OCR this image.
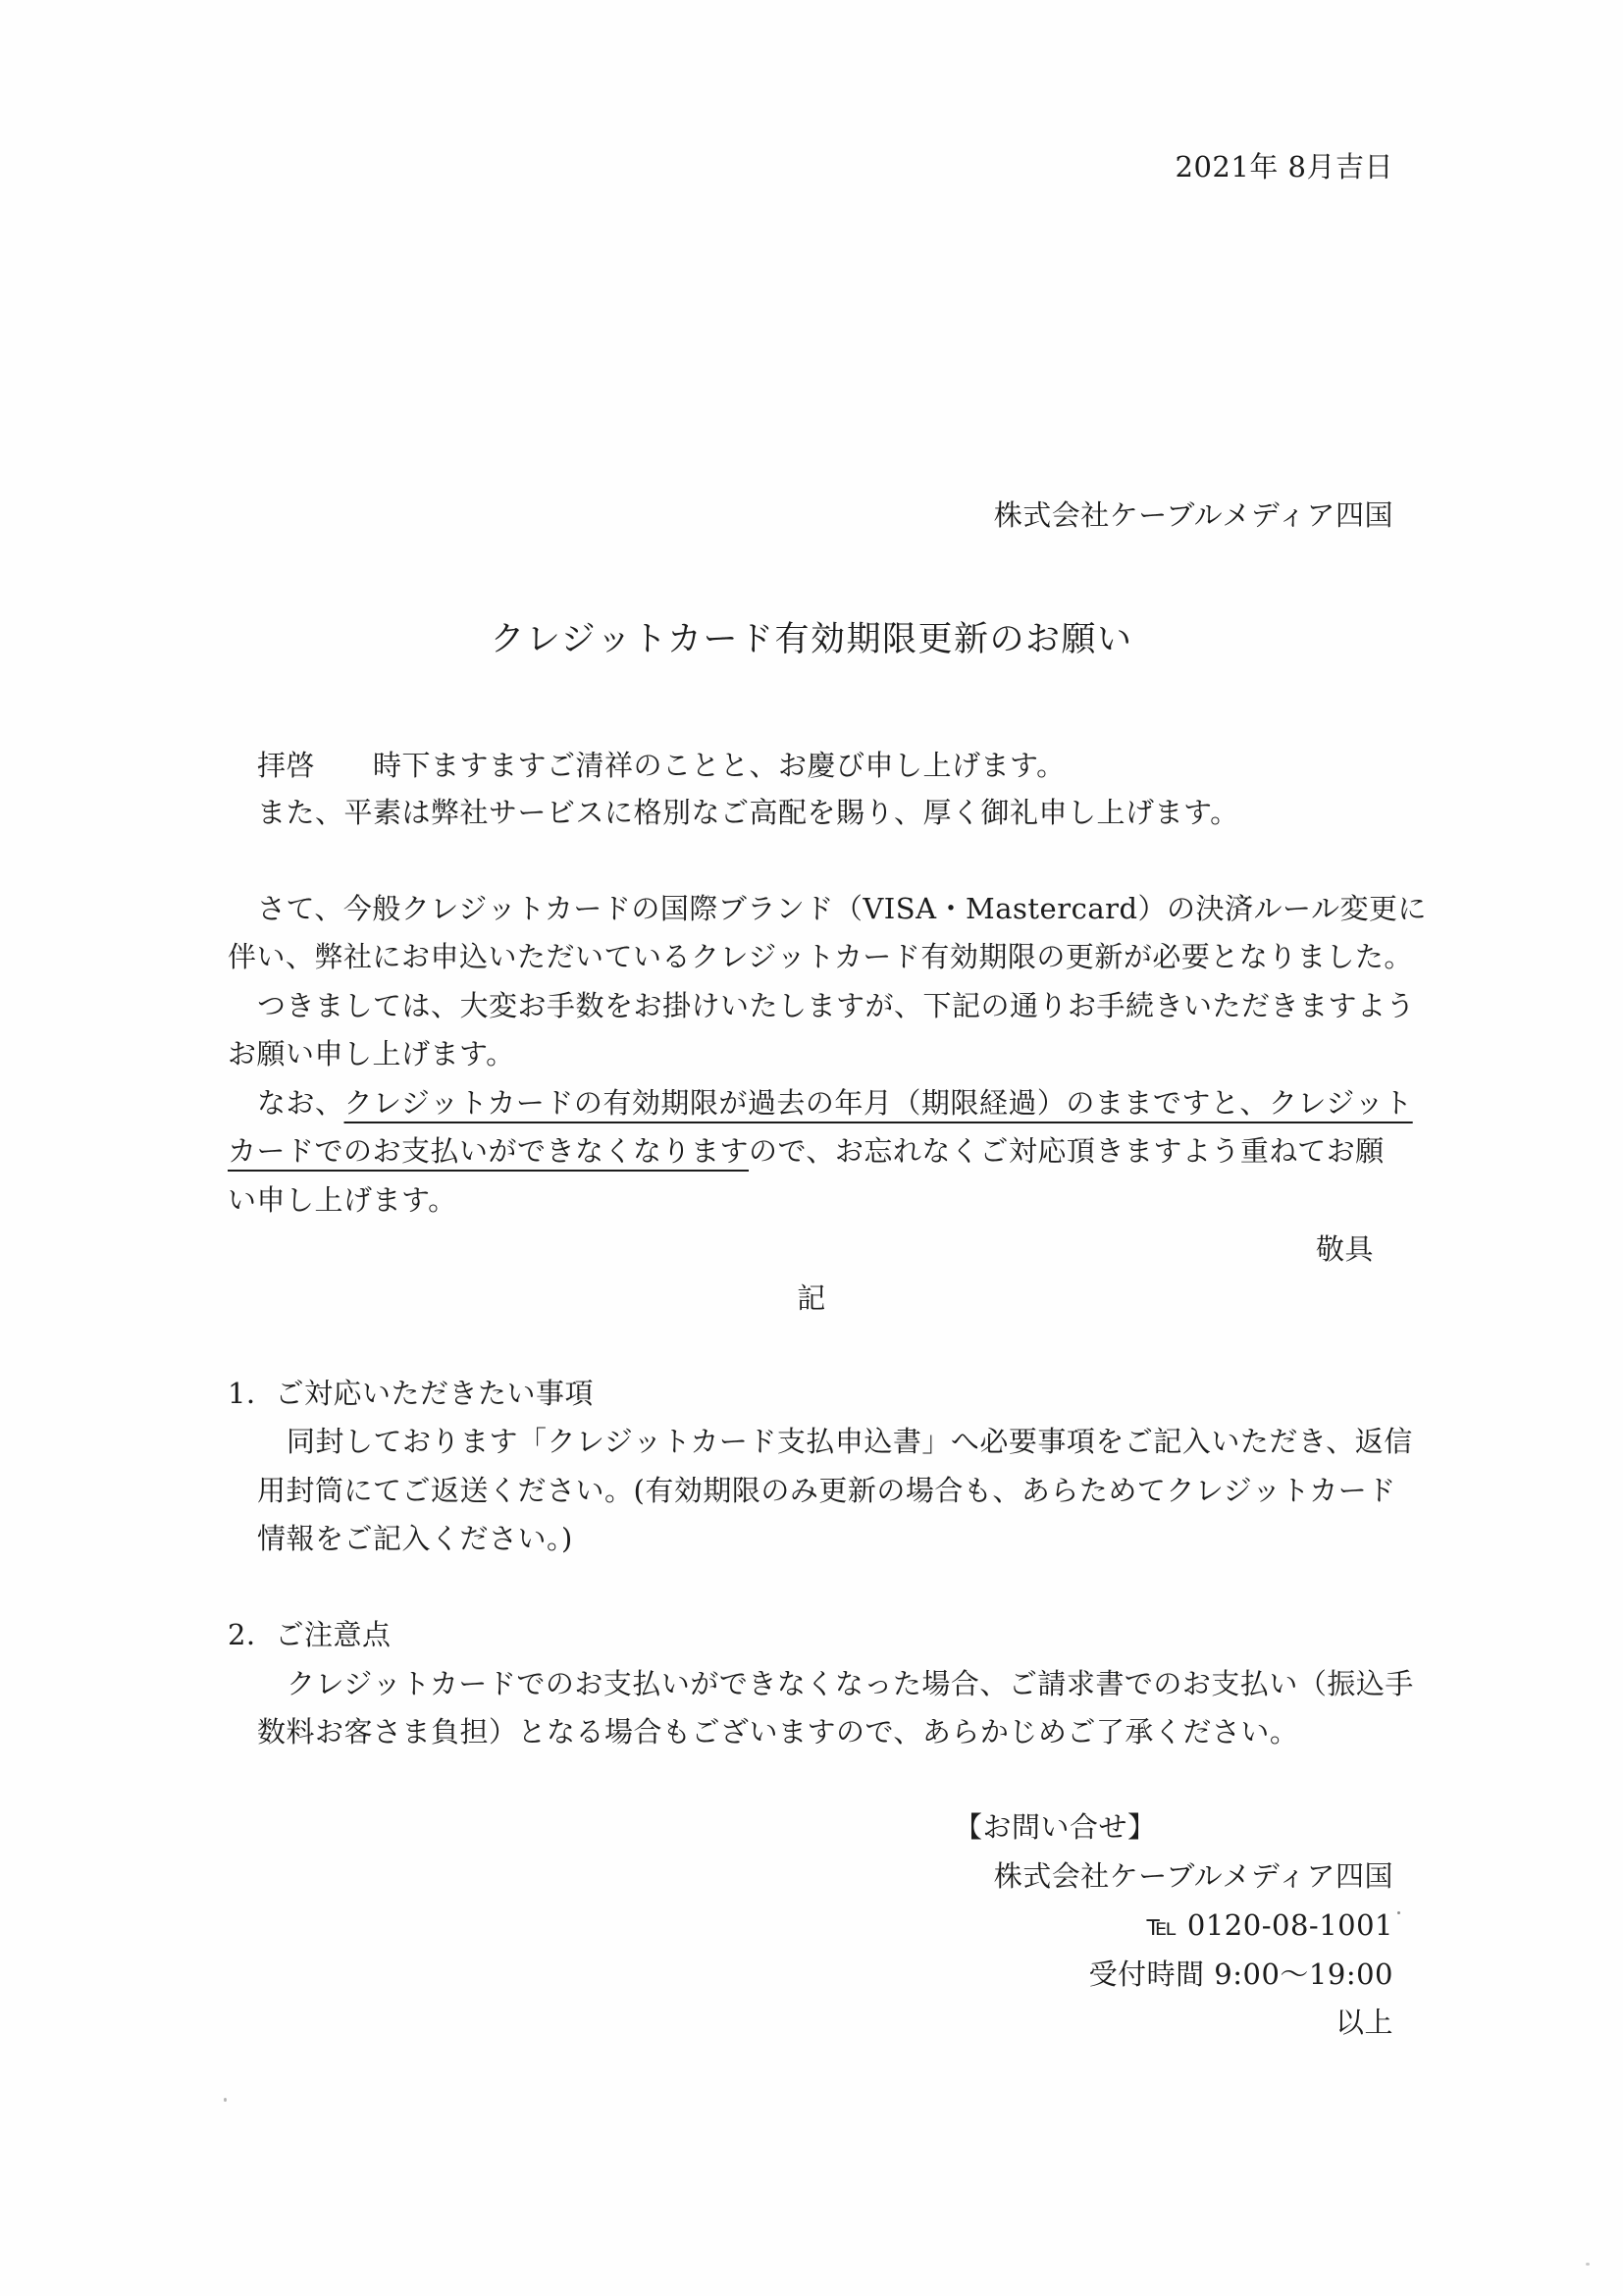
2021年 8月吉日
株式会社ケーブルメディア四国
クレジットカード有効期限更新のお願い
拝啓　　時下ますますご清祥のことと、お慶び申し上げます。
また、平素は弊社サービスに格別なご高配を賜り、厚く御礼申し上げます。
さて、今般クレジットカードの国際ブランド（VISA・Mastercard）の決済ルール変更に
伴い、弊社にお申込いただいているクレジットカード有効期限の更新が必要となりました。
つきましては、大変お手数をお掛けいたしますが、下記の通りお手続きいただきますよう
お願い申し上げます。
なお、クレジットカードの有効期限が過去の年月（期限経過）のままですと、クレジット
カードでのお支払いができなくなりますので、お忘れなくご対応頂きますよう重ねてお願
い申し上げます。
敬具
記
1．ご対応いただきたい事項
同封しております「クレジットカード支払申込書」へ必要事項をご記入いただき、返信
用封筒にてご返送ください。(有効期限のみ更新の場合も、あらためてクレジットカード
情報をご記入ください。)
2．ご注意点
クレジットカードでのお支払いができなくなった場合、ご請求書でのお支払い（振込手
数料お客さま負担）となる場合もございますので、あらかじめご了承ください。
【お問い合せ】
株式会社ケーブルメディア四国
℡ 0120-08-1001
受付時間 9:00～19:00
以上
